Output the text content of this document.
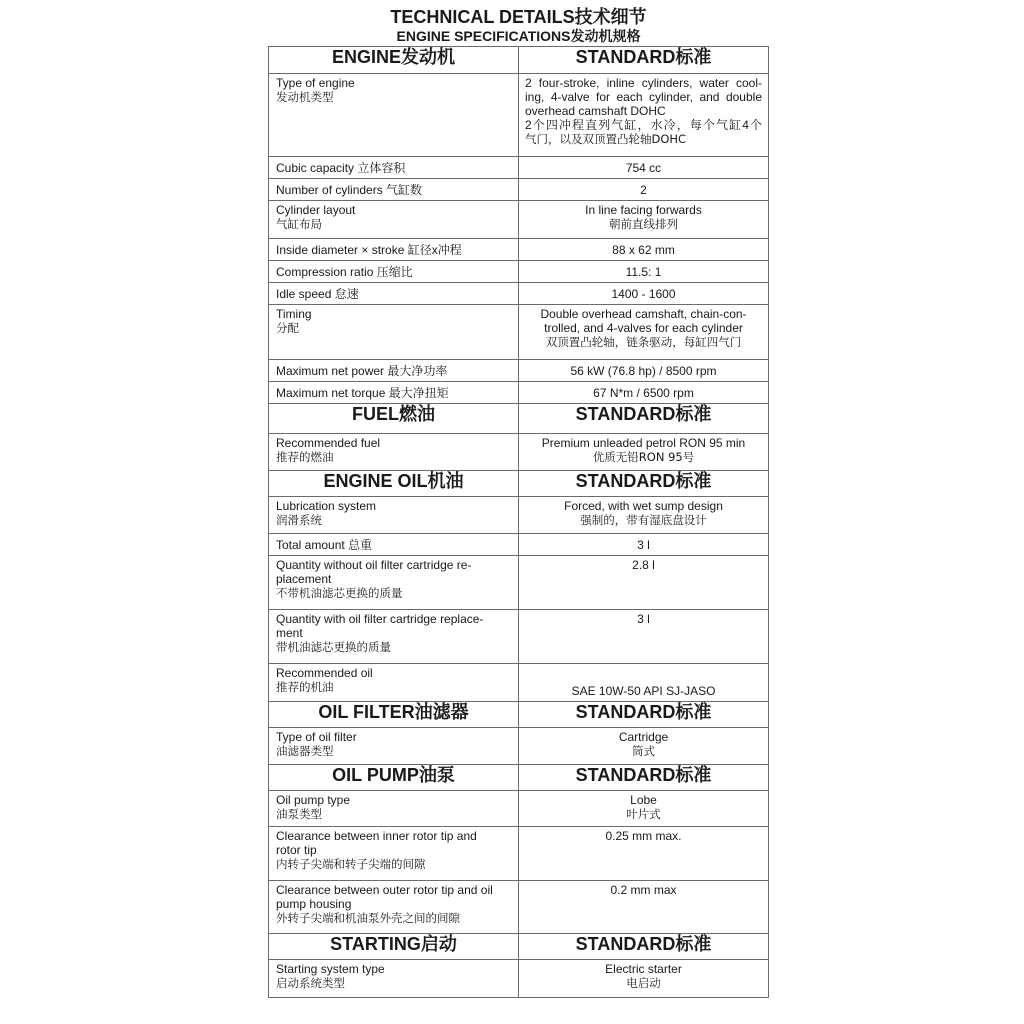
TECHNICAL DETAILS技术细节
ENGINE SPECIFICATIONS发动机规格
ENGINE发动机	STANDARD标准

Type of engine
发动机类型	2 four-stroke, inline cylinders, water cool-
ing, 4-valve for each cylinder, and double
overhead camshaft DOHC
2个四冲程直列气缸，水冷，每个气缸4个
气门，以及双顶置凸轮轴DOHC

Cubic capacity 立体容积	754 cc

Number of cylinders 气缸数	2

Cylinder layout
气缸布局	In line facing forwards
朝前直线排列

Inside diameter × stroke 缸径x冲程	88 x 62 mm

Compression ratio 压缩比	11.5: 1

Idle speed 怠速	1400 - 1600

Timing
分配	Double overhead camshaft, chain-con-
trolled, and 4-valves for each cylinder
双顶置凸轮轴，链条驱动，每缸四气门

Maximum net power 最大净功率	56 kW (76.8 hp) / 8500 rpm

Maximum net torque 最大净扭矩	67 N*m / 6500 rpm

FUEL燃油	STANDARD标准

Recommended fuel
推荐的燃油	Premium unleaded petrol RON 95 min
优质无铅RON 95号

ENGINE OIL机油	STANDARD标准

Lubrication system
润滑系统	Forced, with wet sump design
强制的，带有湿底盘设计

Total amount 总重	3 l

Quantity without oil filter cartridge re-
placement
不带机油滤芯更换的质量	2.8 l

Quantity with oil filter cartridge replace-
ment
带机油滤芯更换的质量	3 l

Recommended oil
推荐的机油	SAE 10W-50 API SJ-JASO

OIL FILTER油滤器	STANDARD标准

Type of oil filter
油滤器类型	Cartridge
筒式

OIL PUMP油泵	STANDARD标准

Oil pump type
油泵类型	Lobe
叶片式

Clearance between inner rotor tip and
rotor tip
内转子尖端和转子尖端的间隙	0.25 mm max.

Clearance between outer rotor tip and oil
pump housing
外转子尖端和机油泵外壳之间的间隙	0.2 mm max

STARTING启动	STANDARD标准

Starting system type
启动系统类型	Electric starter
电启动
